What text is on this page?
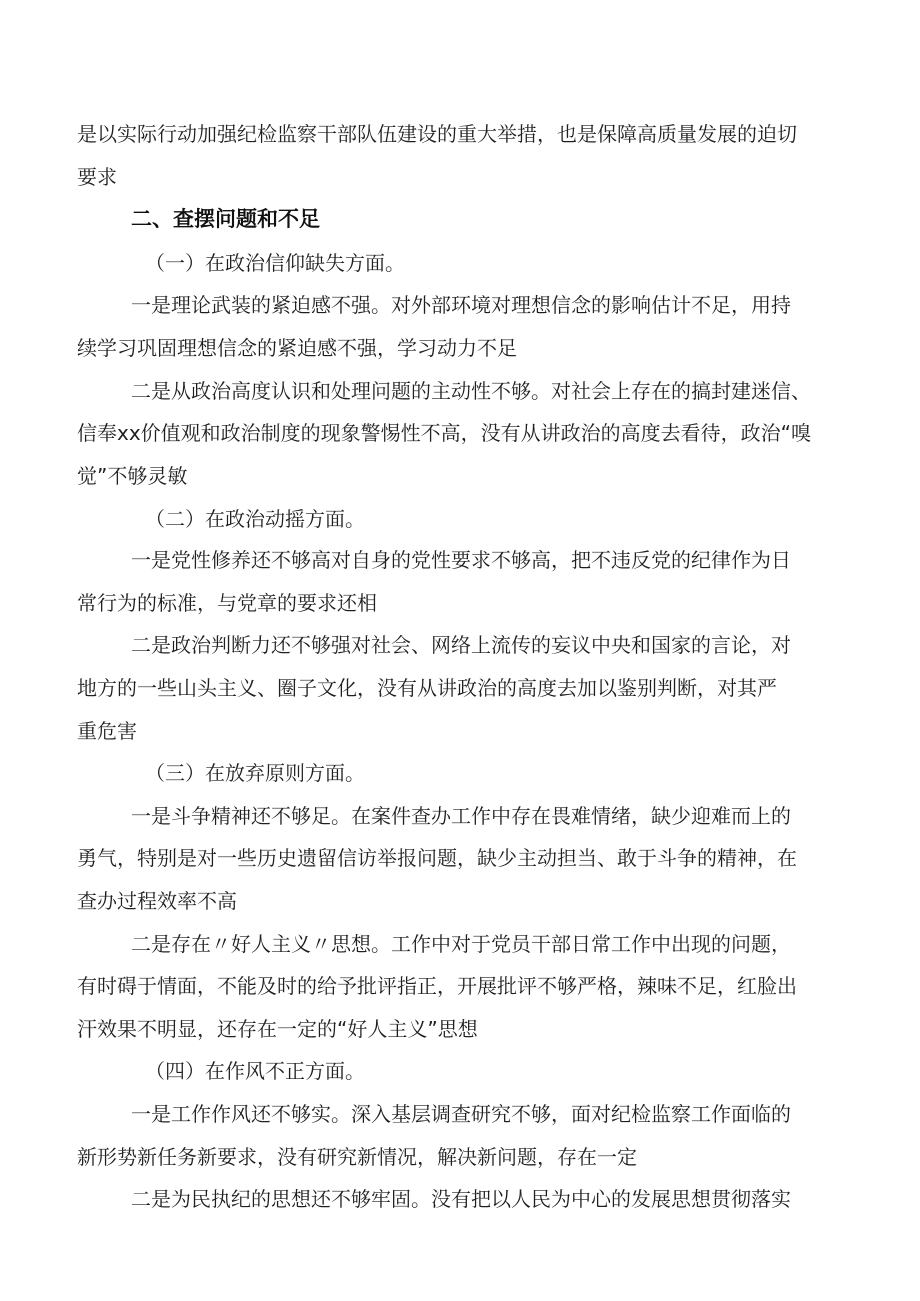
是以实际行动加强纪检监察干部队伍建设的重大举措，也是保障高质量发展的迫切
要求
二、查摆问题和不足
（一）在政治信仰缺失方面。
一是理论武装的紧迫感不强。对外部环境对理想信念的影响估计不足，用持
续学习巩固理想信念的紧迫感不强，学习动力不足
二是从政治高度认识和处理问题的主动性不够。对社会上存在的搞封建迷信、
信奉xx价值观和政治制度的现象警惕性不高，没有从讲政治的高度去看待，政治“嗅
觉”不够灵敏
（二）在政治动摇方面。
一是党性修养还不够高对自身的党性要求不够高，把不违反党的纪律作为日
常行为的标准，与党章的要求还相
二是政治判断力还不够强对社会、网络上流传的妄议中央和国家的言论，对
地方的一些山头主义、圈子文化，没有从讲政治的高度去加以鉴别判断，对其严
重危害
（三）在放弃原则方面。
一是斗争精神还不够足。在案件查办工作中存在畏难情绪，缺少迎难而上的
勇气，特别是对一些历史遗留信访举报问题，缺少主动担当、敢于斗争的精神，在
查办过程效率不高
二是存在〃好人主义〃思想。工作中对于党员干部日常工作中出现的问题，
有时碍于情面，不能及时的给予批评指正，开展批评不够严格，辣味不足，红脸出
汗效果不明显，还存在一定的“好人主义”思想
（四）在作风不正方面。
一是工作作风还不够实。深入基层调查研究不够，面对纪检监察工作面临的
新形势新任务新要求，没有研究新情况，解决新问题，存在一定
二是为民执纪的思想还不够牢固。没有把以人民为中心的发展思想贯彻落实
